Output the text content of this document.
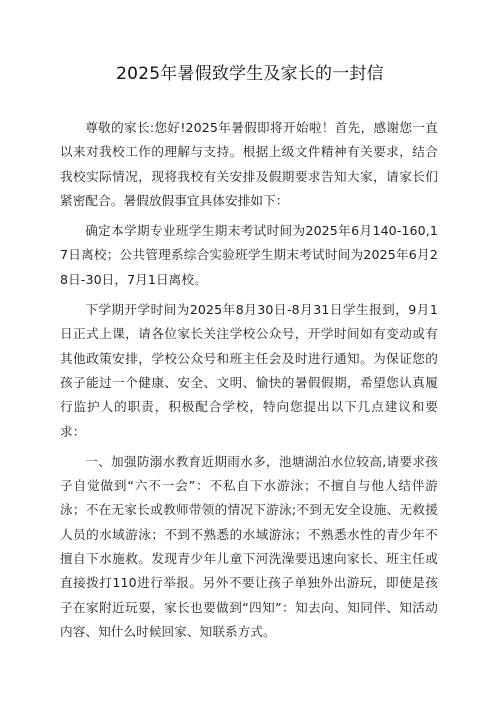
2025年暑假致学生及家长的一封信

尊敬的家长:您好!2025年暑假即将开始啦！首先，感谢您一直以来对我校工作的理解与支持。根据上级文件精神有关要求，结合我校实际情况，现将我校有关安排及假期要求告知大家，请家长们紧密配合。暑假放假事宜具体安排如下：

确定本学期专业班学生期末考试时间为2025年6月140-160,17日离校；公共管理系综合实验班学生期末考试时间为2025年6月28日-30日，7月1日离校。

下学期开学时间为2025年8月30日-8月31日学生报到，9月1日正式上课，请各位家长关注学校公众号，开学时间如有变动或有其他政策安排，学校公众号和班主任会及时进行通知。为保证您的孩子能过一个健康、安全、文明、愉快的暑假假期，希望您认真履行监护人的职责，积极配合学校，特向您提出以下几点建议和要求：

一、加强防溺水教育近期雨水多，池塘湖泊水位较高,请要求孩子自觉做到“六不一会”：不私自下水游泳；不擅自与他人结伴游泳；不在无家长或教师带领的情况下游泳;不到无安全设施、无救援人员的水域游泳；不到不熟悉的水域游泳；不熟悉水性的青少年不擅自下水施救。发现青少年儿童下河洗澡要迅速向家长、班主任或直接拨打110进行举报。另外不要让孩子单独外出游玩，即使是孩子在家附近玩耍，家长也要做到“四知”：知去向、知同伴、知活动内容、知什么时候回家、知联系方式。
